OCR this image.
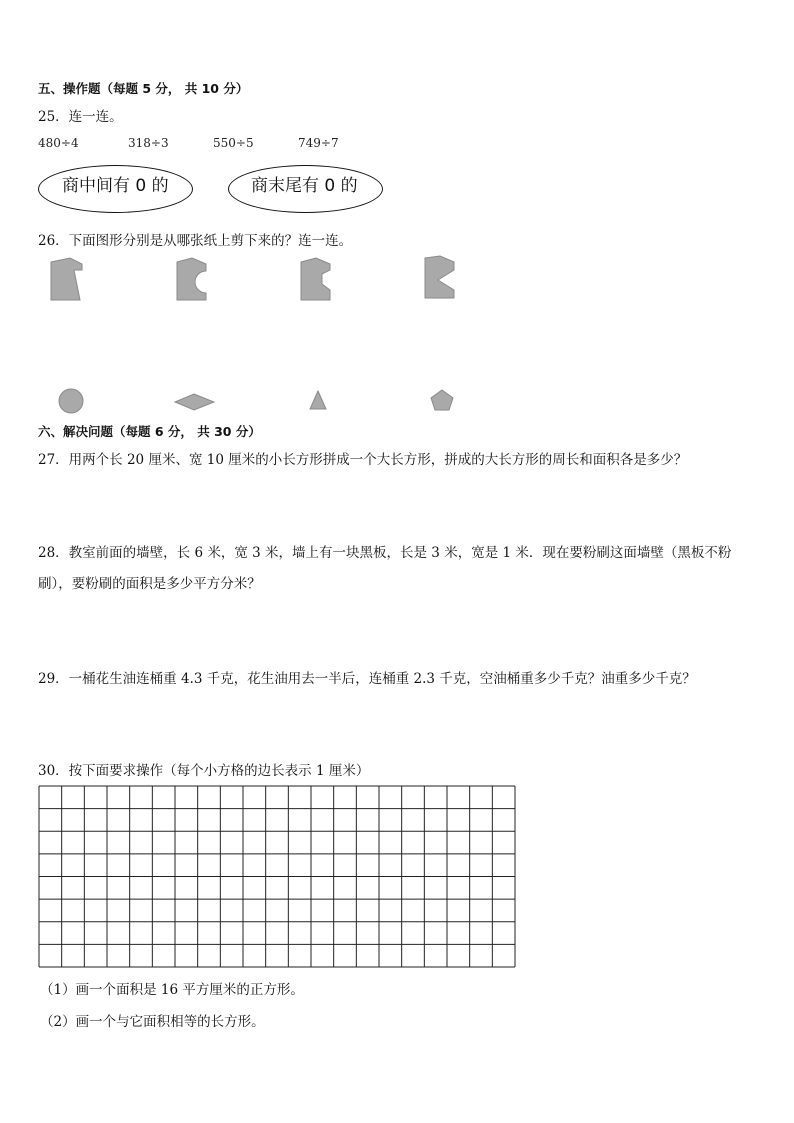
五、操作题（每题 5 分， 共 10 分）
25．连一连。
480÷4	318÷3	550÷5	749÷7
商中间有 0 的	商末尾有 0 的
26．下面图形分别是从哪张纸上剪下来的？连一连。
六、解决问题（每题 6 分， 共 30 分）
27．用两个长 20 厘米、宽 10 厘米的小长方形拼成一个大长方形，拼成的大长方形的周长和面积各是多少？
28．教室前面的墙壁，长 6 米，宽 3 米，墙上有一块黑板，长是 3 米，宽是 1 米．现在要粉刷这面墙壁（黑板不粉
刷），要粉刷的面积是多少平方分米？
29．一桶花生油连桶重 4.3 千克，花生油用去一半后，连桶重 2.3 千克，空油桶重多少千克？油重多少千克？
30．按下面要求操作（每个小方格的边长表示 1 厘米）
（1）画一个面积是 16 平方厘米的正方形。
（2）画一个与它面积相等的长方形。
